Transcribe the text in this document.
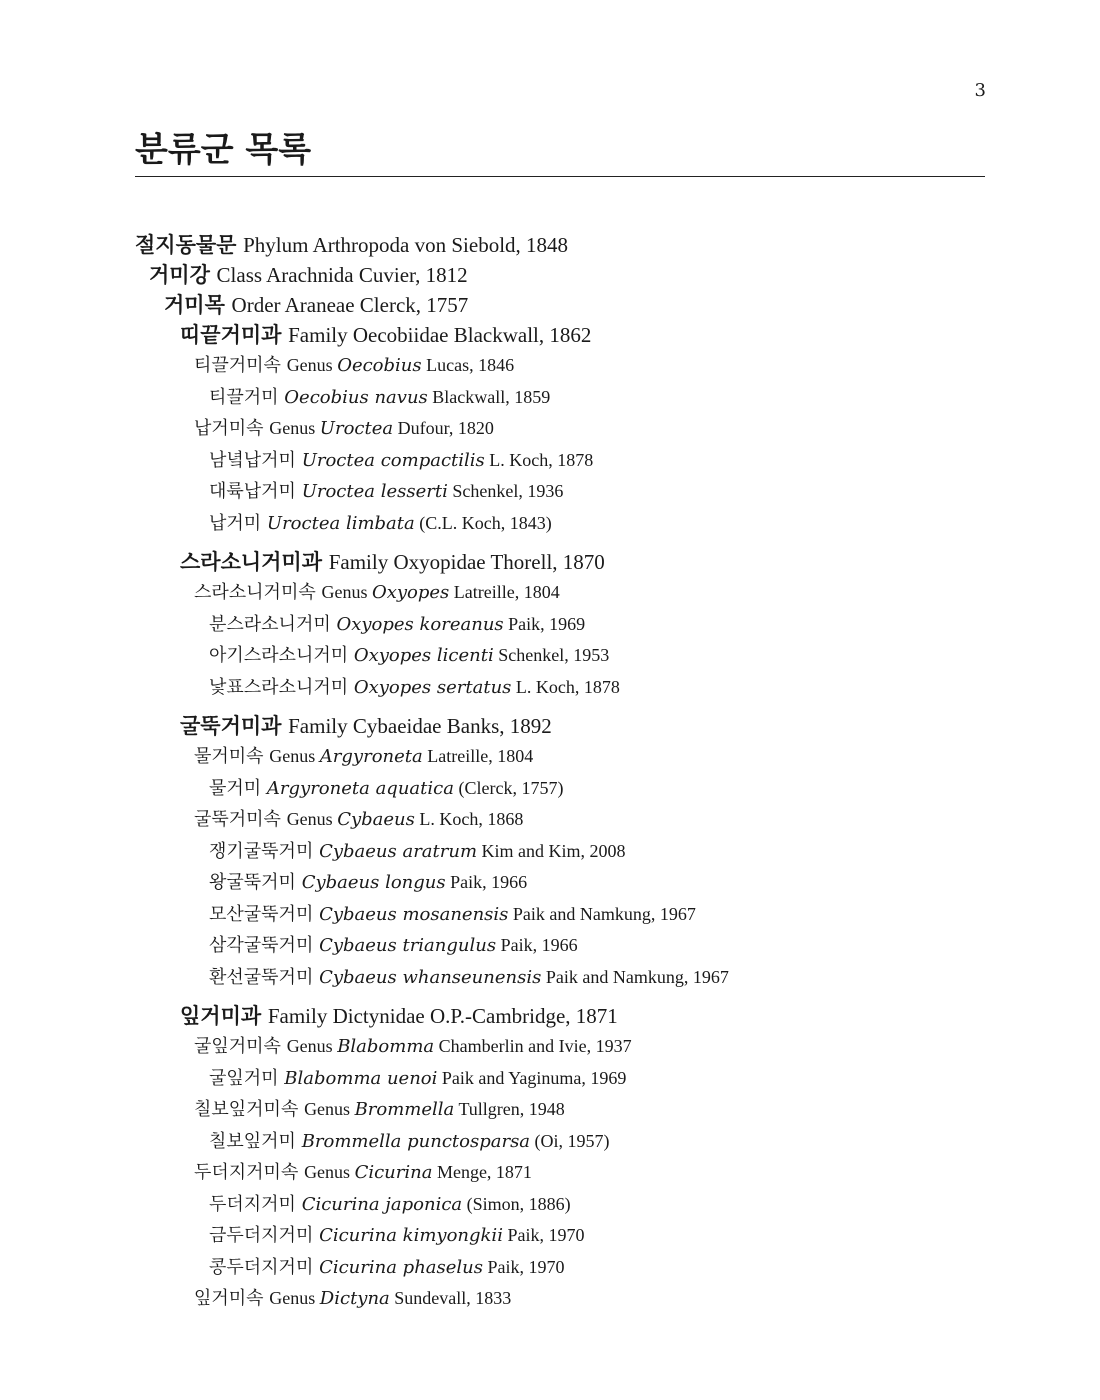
3
분류군 목록
절지동물문 Phylum Arthropoda von Siebold, 1848
거미강 Class Arachnida Cuvier, 1812
거미목 Order Araneae Clerck, 1757
띠끝거미과 Family Oecobiidae Blackwall, 1862
티끌거미속 Genus Oecobius Lucas, 1846
티끌거미 Oecobius navus Blackwall, 1859
납거미속 Genus Uroctea Dufour, 1820
남녘납거미 Uroctea compactilis L. Koch, 1878
대륙납거미 Uroctea lesserti Schenkel, 1936
납거미 Uroctea limbata (C.L. Koch, 1843)
스라소니거미과 Family Oxyopidae Thorell, 1870
스라소니거미속 Genus Oxyopes Latreille, 1804
분스라소니거미 Oxyopes koreanus Paik, 1969
아기스라소니거미 Oxyopes licenti Schenkel, 1953
낯표스라소니거미 Oxyopes sertatus L. Koch, 1878
굴뚝거미과 Family Cybaeidae Banks, 1892
물거미속 Genus Argyroneta Latreille, 1804
물거미 Argyroneta aquatica (Clerck, 1757)
굴뚝거미속 Genus Cybaeus L. Koch, 1868
쟁기굴뚝거미 Cybaeus aratrum Kim and Kim, 2008
왕굴뚝거미 Cybaeus longus Paik, 1966
모산굴뚝거미 Cybaeus mosanensis Paik and Namkung, 1967
삼각굴뚝거미 Cybaeus triangulus Paik, 1966
환선굴뚝거미 Cybaeus whanseunensis Paik and Namkung, 1967
잎거미과 Family Dictynidae O.P.-Cambridge, 1871
굴잎거미속 Genus Blabomma Chamberlin and Ivie, 1937
굴잎거미 Blabomma uenoi Paik and Yaginuma, 1969
칠보잎거미속 Genus Brommella Tullgren, 1948
칠보잎거미 Brommella punctosparsa (Oi, 1957)
두더지거미속 Genus Cicurina Menge, 1871
두더지거미 Cicurina japonica (Simon, 1886)
금두더지거미 Cicurina kimyongkii Paik, 1970
콩두더지거미 Cicurina phaselus Paik, 1970
잎거미속 Genus Dictyna Sundevall, 1833
